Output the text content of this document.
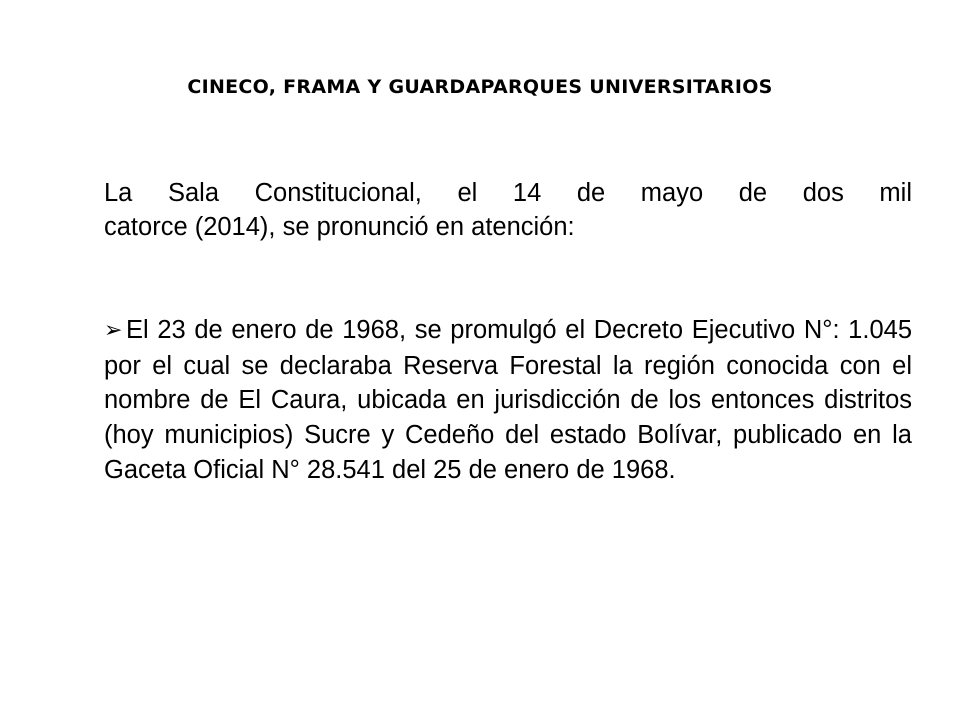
CINECO, FRAMA Y GUARDAPARQUES UNIVERSITARIOS

La Sala Constitucional, el 14 de mayo de dos mil
catorce (2014), se pronunció en atención:

➢ El 23 de enero de 1968, se promulgó el Decreto Ejecutivo N°: 1.045 por el cual se declaraba Reserva Forestal la región conocida con el nombre de El Caura, ubicada en jurisdicción de los entonces distritos (hoy municipios) Sucre y Cedeño del estado Bolívar, publicado en la Gaceta Oficial N° 28.541 del 25 de enero de 1968.
